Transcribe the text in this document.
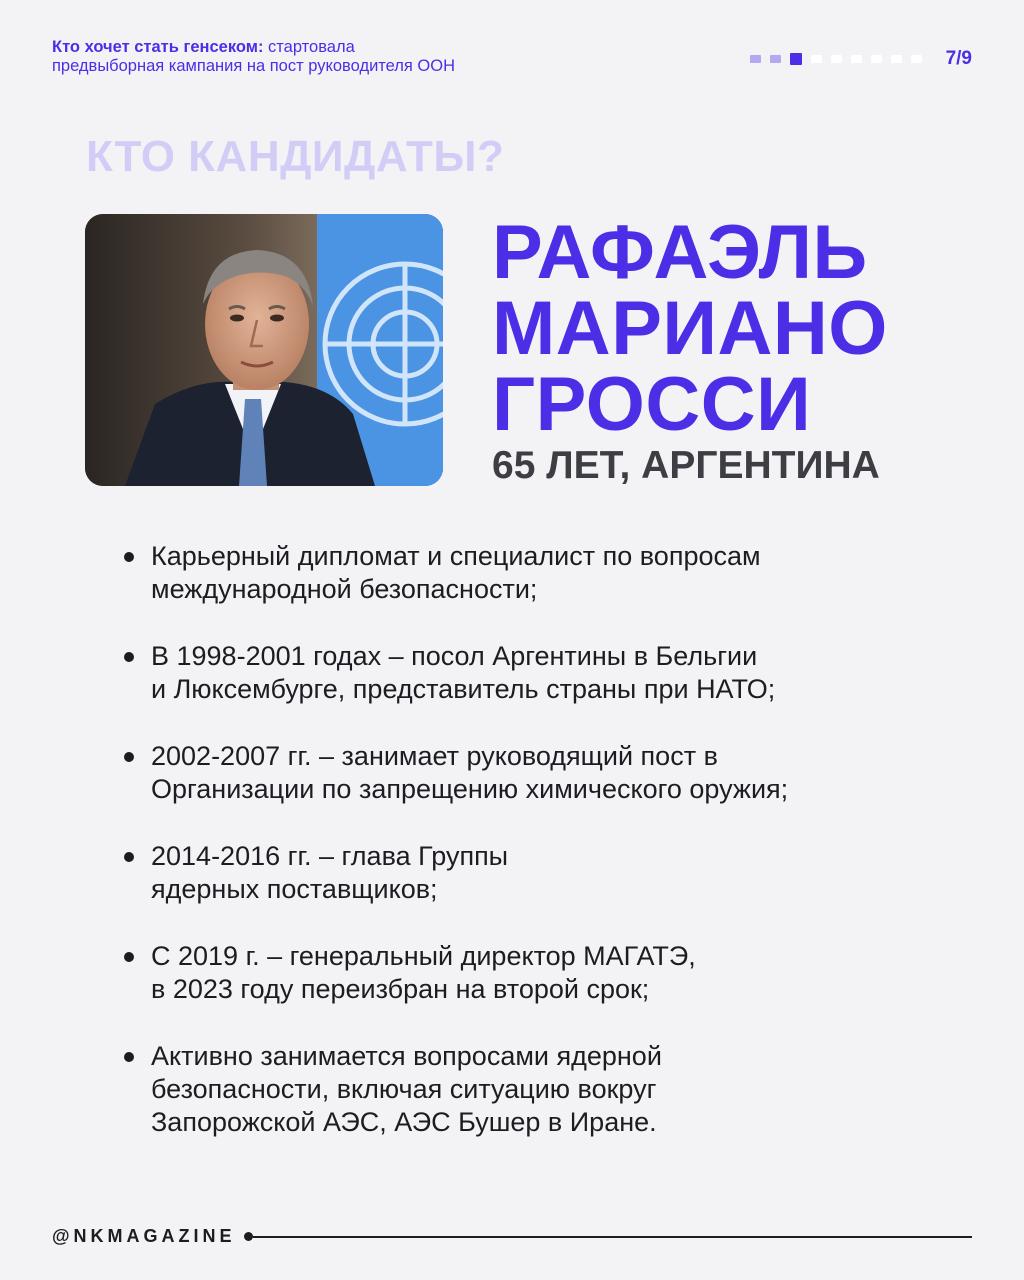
Кто хочет стать генсеком: стартовала
предвыборная кампания на пост руководителя ООН	7/9
КТО КАНДИДАТЫ?
РАФАЭЛЬ
МАРИАНО
ГРОССИ
65 ЛЕТ, АРГЕНТИНА
Карьерный дипломат и специалист по вопросам
международной безопасности;
В 1998-2001 годах – посол Аргентины в Бельгии
и Люксембурге, представитель страны при НАТО;
2002-2007 гг. – занимает руководящий пост в
Организации по запрещению химического оружия;
2014-2016 гг. – глава Группы
ядерных поставщиков;
С 2019 г. – генеральный директор МАГАТЭ,
в 2023 году переизбран на второй срок;
Активно занимается вопросами ядерной
безопасности, включая ситуацию вокруг
Запорожской АЭС, АЭС Бушер в Иране.
@NKMAGAZINE
